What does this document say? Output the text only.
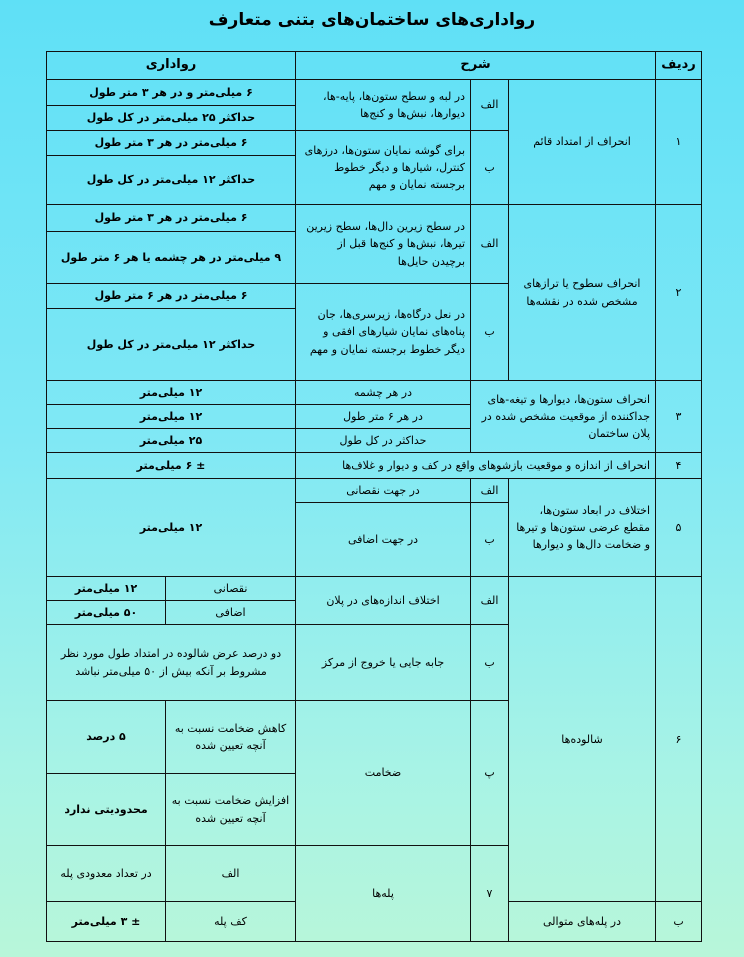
رواداری‌های ساختمان‌های بتنی متعارف
ردیف	شرح			رواداری		
۱	انحراف از امتداد قائم	الف	در لبه و سطح ستون‌ها، پایه-ها، دیوارها، نبش‌ها و کنج‌ها	۶ میلی‌متر و در هر ۳ متر طول		
				حداکثر ۲۵ میلی‌متر در کل طول		
		ب	برای گوشه نمایان ستون‌ها، درزهای کنترل، شیارها و دیگر خطوط برجسته نمایان و مهم	۶ میلی‌متر در هر ۳ متر طول		
				حداکثر ۱۲ میلی‌متر در کل طول		
۲	انحراف سطوح یا ترازهای مشخص شده در نقشه‌ها	الف	در سطح زیرین دال‌ها، سطح زیرین تیرها، نبش‌ها و کنج‌ها قبل از برچیدن حایل‌ها	۶ میلی‌متر در هر ۳ متر طول		
				۹ میلی‌متر در هر چشمه یا هر ۶ متر طول		
		ب	در نعل درگاه‌ها، زیرسری‌ها، جان پناه‌های نمایان شیارهای افقی و دیگر خطوط برجسته نمایان و مهم	۶ میلی‌متر در هر ۶ متر طول		
				حداکثر ۱۲ میلی‌متر در کل طول		
۳	انحراف ستون‌ها، دیوارها و تیغه-های جداکننده از موقعیت مشخص شده در پلان ساختمان		در هر چشمه	۱۲ میلی‌متر		
			در هر ۶ متر طول	۱۲ میلی‌متر		
			حداکثر در کل طول	۲۵ میلی‌متر		
۴	انحراف از اندازه و موقعیت بازشوهای واقع در کف و دیوار و غلاف‌ها			± ۶ میلی‌متر		
۵	اختلاف در ابعاد ستون‌ها، مقطع عرضی ستون‌ها و تیرها و ضخامت دال‌ها و دیوارها	الف	در جهت نقصانی	۱۲ میلی‌متر		
		ب	در جهت اضافی			
۶	شالوده‌ها	الف	اختلاف اندازه‌های در پلان	نقصانی	۱۲ میلی‌متر	
				اضافی	۵۰ میلی‌متر	
		ب	جابه جایی یا خروج از مرکز	دو درصد عرض شالوده در امتداد طول مورد نظر مشروط بر آنکه بیش از ۵۰ میلی‌متر نباشد		
		پ	ضخامت	کاهش ضخامت نسبت به آنچه تعیین شده	۵ درصد	
				افزایش ضخامت نسبت به آنچه تعیین شده	محدودیتی ندارد	
		۷	پله‌ها	الف	در تعداد معدودی پله		
ب	در پله‌های متوالی			کف پله	± ۳ میلی‌متر	
